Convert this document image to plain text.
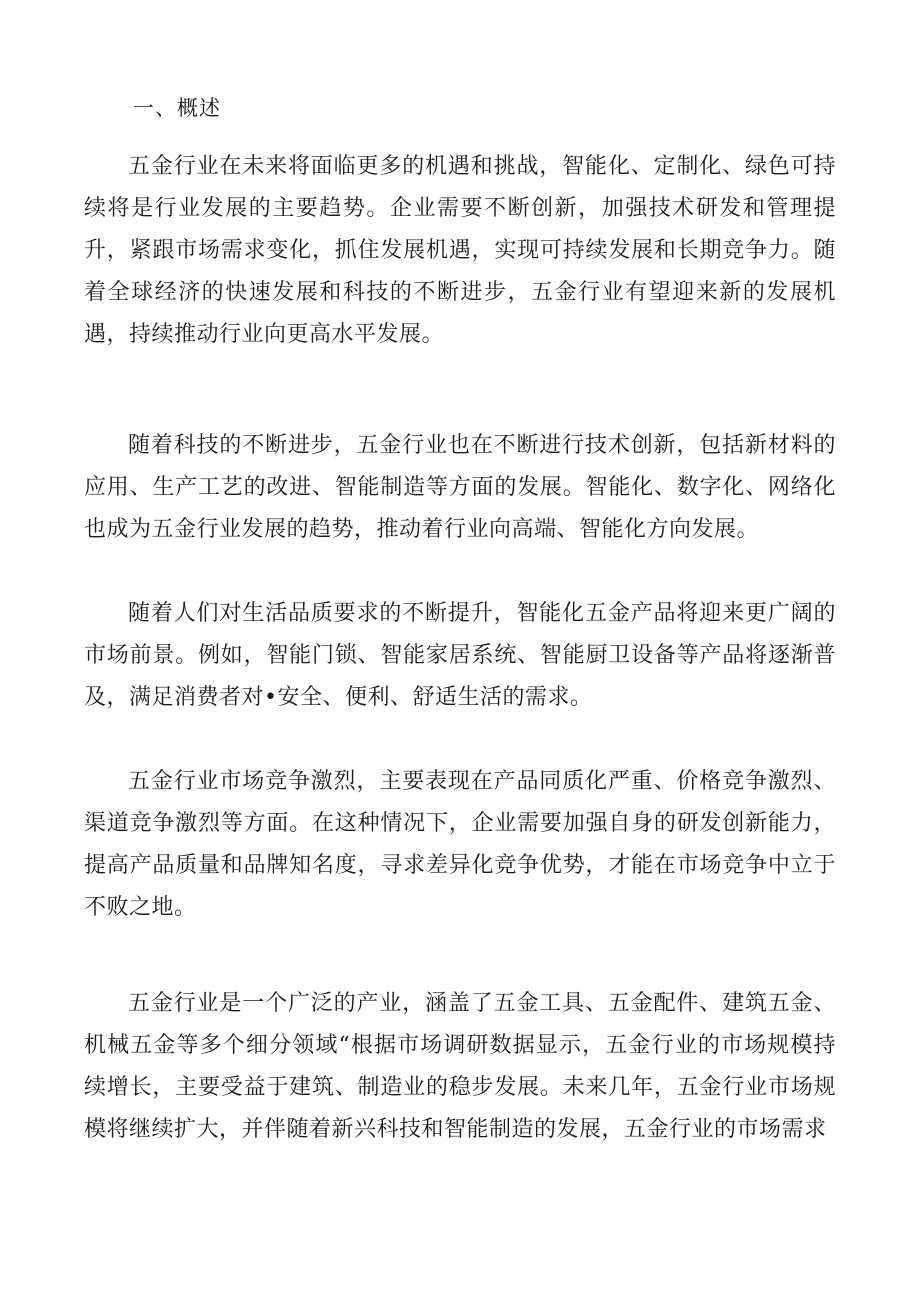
一、概述

五金行业在未来将面临更多的机遇和挑战，智能化、定制化、绿色可持续将是行业发展的主要趋势。企业需要不断创新，加强技术研发和管理提升，紧跟市场需求变化，抓住发展机遇，实现可持续发展和长期竞争力。随着全球经济的快速发展和科技的不断进步，五金行业有望迎来新的发展机遇，持续推动行业向更高水平发展。

随着科技的不断进步，五金行业也在不断进行技术创新，包括新材料的应用、生产工艺的改进、智能制造等方面的发展。智能化、数字化、网络化也成为五金行业发展的趋势，推动着行业向高端、智能化方向发展。

随着人们对生活品质要求的不断提升，智能化五金产品将迎来更广阔的市场前景。例如，智能门锁、智能家居系统、智能厨卫设备等产品将逐渐普及，满足消费者对•安全、便利、舒适生活的需求。

五金行业市场竞争激烈，主要表现在产品同质化严重、价格竞争激烈、渠道竞争激烈等方面。在这种情况下，企业需要加强自身的研发创新能力，提高产品质量和品牌知名度，寻求差异化竞争优势，才能在市场竞争中立于不败之地。

五金行业是一个广泛的产业，涵盖了五金工具、五金配件、建筑五金、机械五金等多个细分领域“根据市场调研数据显示，五金行业的市场规模持续增长，主要受益于建筑、制造业的稳步发展。未来几年，五金行业市场规模将继续扩大，并伴随着新兴科技和智能制造的发展，五金行业的市场需求
